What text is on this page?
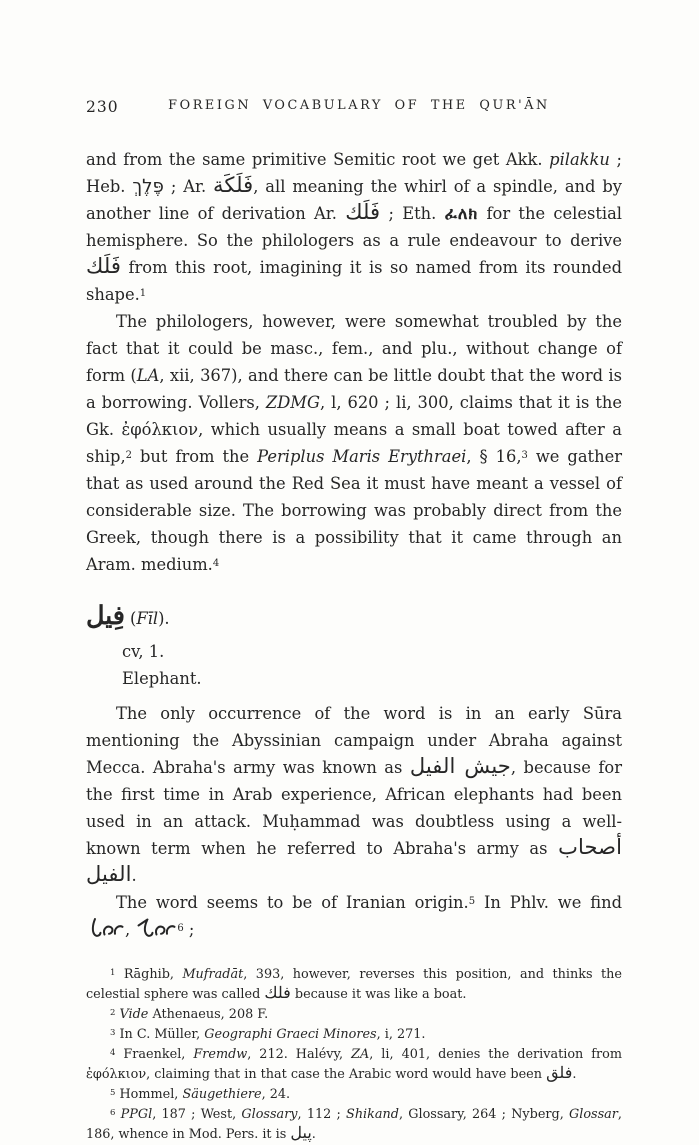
230	FOREIGN VOCABULARY OF THE QUR'ĀN

and from the same primitive Semitic root we get Akk. pilakku ; Heb. פֶּלֶךְ ; Ar. فَلَكَة, all meaning the whirl of a spindle, and by another line of derivation Ar. فَلَك ; Eth. ፈለክ for the celestial hemisphere. So the philologers as a rule endeavour to derive فَلَك from this root, imagining it is so named from its rounded shape.$^1$

The philologers, however, were somewhat troubled by the fact that it could be masc., fem., and plu., without change of form (LA, xii, 367), and there can be little doubt that the word is a borrowing. Vollers, ZDMG, l, 620 ; li, 300, claims that it is the Gk. ἐφόλκιον, which usually means a small boat towed after a ship,$^2$ but from the Periplus Maris Erythraei, § 16,$^3$ we gather that as used around the Red Sea it must have meant a vessel of considerable size. The borrowing was probably direct from the Greek, though there is a possibility that it came through an Aram. medium.$^4$

فِيل (Fīl).

cv, 1.

Elephant.

The only occurrence of the word is in an early Sūra mentioning the Abyssinian campaign under Abraha against Mecca. Abraha's army was known as جيش الفيل, because for the first time in Arab experience, African elephants had been used in an attack. Muḥammad was doubtless using a well-known term when he referred to Abraha's army as أصحاب الفيل.

The word seems to be of Iranian origin.$^5$ In Phlv. we find ,	$^6$ ;

$^1$ Rāghib, Mufradāt, 393, however, reverses this position, and thinks the celestial sphere was called فلك because it was like a boat.

$^2$ Vide Athenaeus, 208 F.

$^3$ In C. Müller, Geographi Graeci Minores, i, 271.

$^4$ Fraenkel, Fremdw, 212. Halévy, ZA, li, 401, denies the derivation from ἐφόλκιον, claiming that in that case the Arabic word would have been فلق.

$^5$ Hommel, Säugethiere, 24.

$^6$ PPGl, 187 ; West, Glossary, 112 ; Shikand, Glossary, 264 ; Nyberg, Glossar, 186, whence in Mod. Pers. it is پيل.
